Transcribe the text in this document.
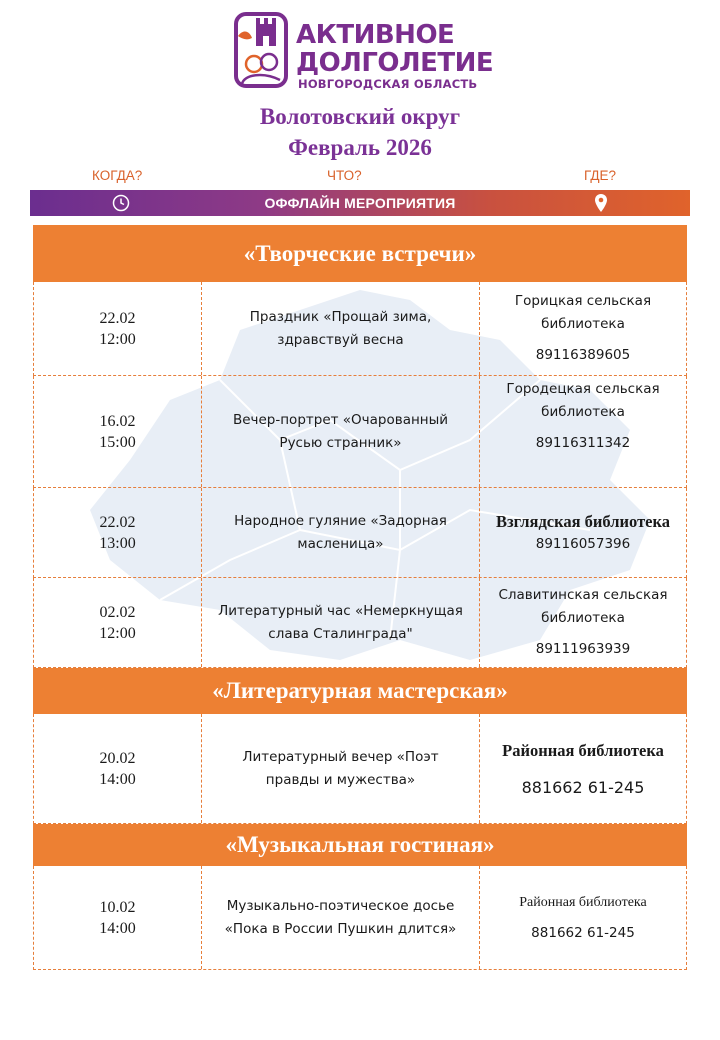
АКТИВНОЕ
ДОЛГОЛЕТИЕ
НОВГОРОДСКАЯ ОБЛАСТЬ
Волотовский округ
Февраль 2026
КОГДА?	ЧТО?	ГДЕ?
ОФФЛАЙН МЕРОПРИЯТИЯ
«Творческие встречи»
22.02
12:00
Праздник «Прощай зима,
здравствуй весна
Горицкая сельская
библиотека
89116389605
16.02
15:00
Вечер-портрет «Очарованный
Русью странник»
Городецкая сельская
библиотека
89116311342
22.02
13:00
Народное гуляние «Задорная
масленица»
Взглядская библиотека
89116057396
02.02
12:00
Литературный час «Немеркнущая
слава Сталинграда"
Славитинская сельская
библиотека
89111963939
«Литературная мастерская»
20.02
14:00
Литературный вечер «Поэт
правды и мужества»
Районная библиотека
881662 61-245
«Музыкальная гостиная»
10.02
14:00
Музыкально-поэтическое досье
«Пока в России Пушкин длится»
Районная библиотека
881662 61-245
